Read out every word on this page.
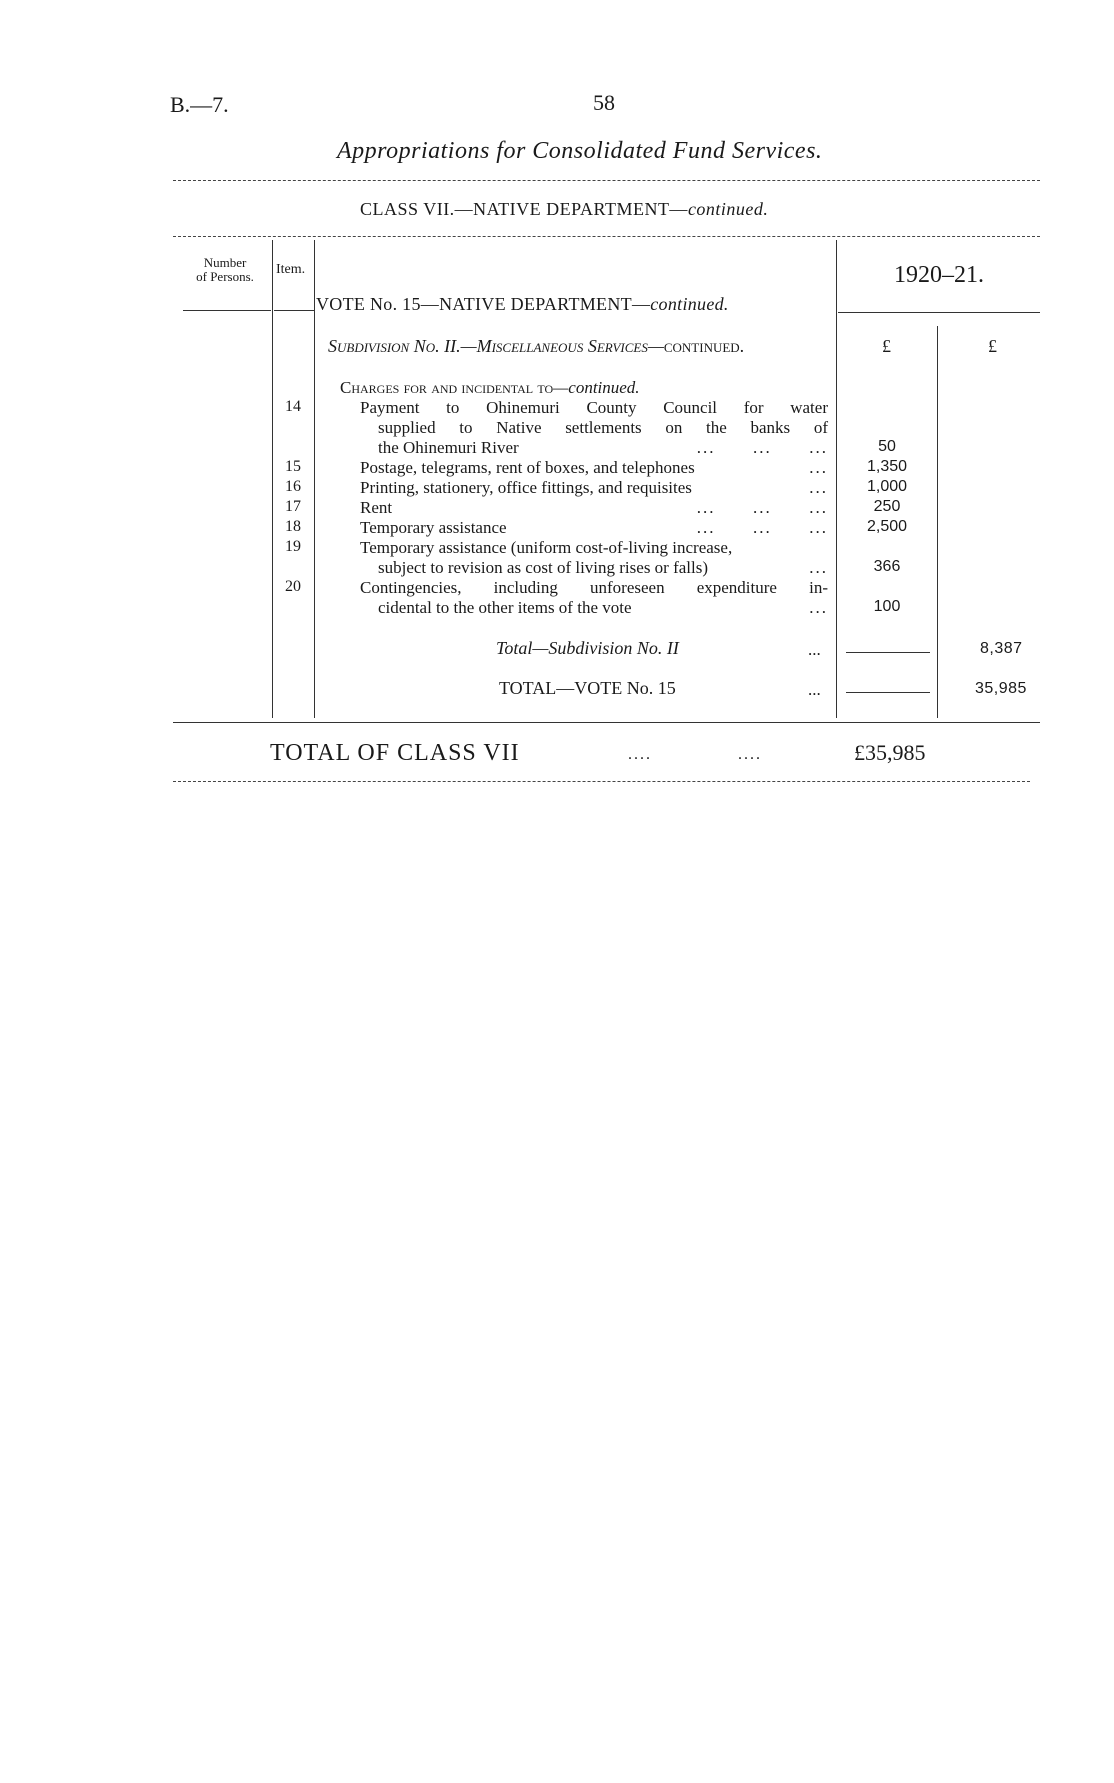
B.—7.	58
Appropriations for Consolidated Fund Services.
CLASS VII.—NATIVE DEPARTMENT—continued.
Number
of Persons.	Item.
VOTE No. 15—NATIVE DEPARTMENT—continued.
1920–21.
Subdivision No. II.—Miscellaneous Services—continued.	£	£
Charges for and incidental to—continued.
14	Payment to Ohinemuri County Council for water
supplied to Native settlements on the banks of
the Ohinemuri River	...      ...      ...	50
15	Postage, telegrams, rent of boxes, and telephones	...	1,350
16	Printing, stationery, office fittings, and requisites	...	1,000
17	Rent	...      ...      ...	250
18	Temporary assistance	...      ...      ...	2,500
19	Temporary assistance (uniform cost-of-living increase,
subject to revision as cost of living rises or falls)	...	366
20	Contingencies, including unforeseen expenditure in-
cidental to the other items of the vote	...	100
Total—Subdivision No. II	...	8,387
TOTAL—VOTE No. 15	...	35,985
TOTAL OF CLASS VII	....	....	£35,985
